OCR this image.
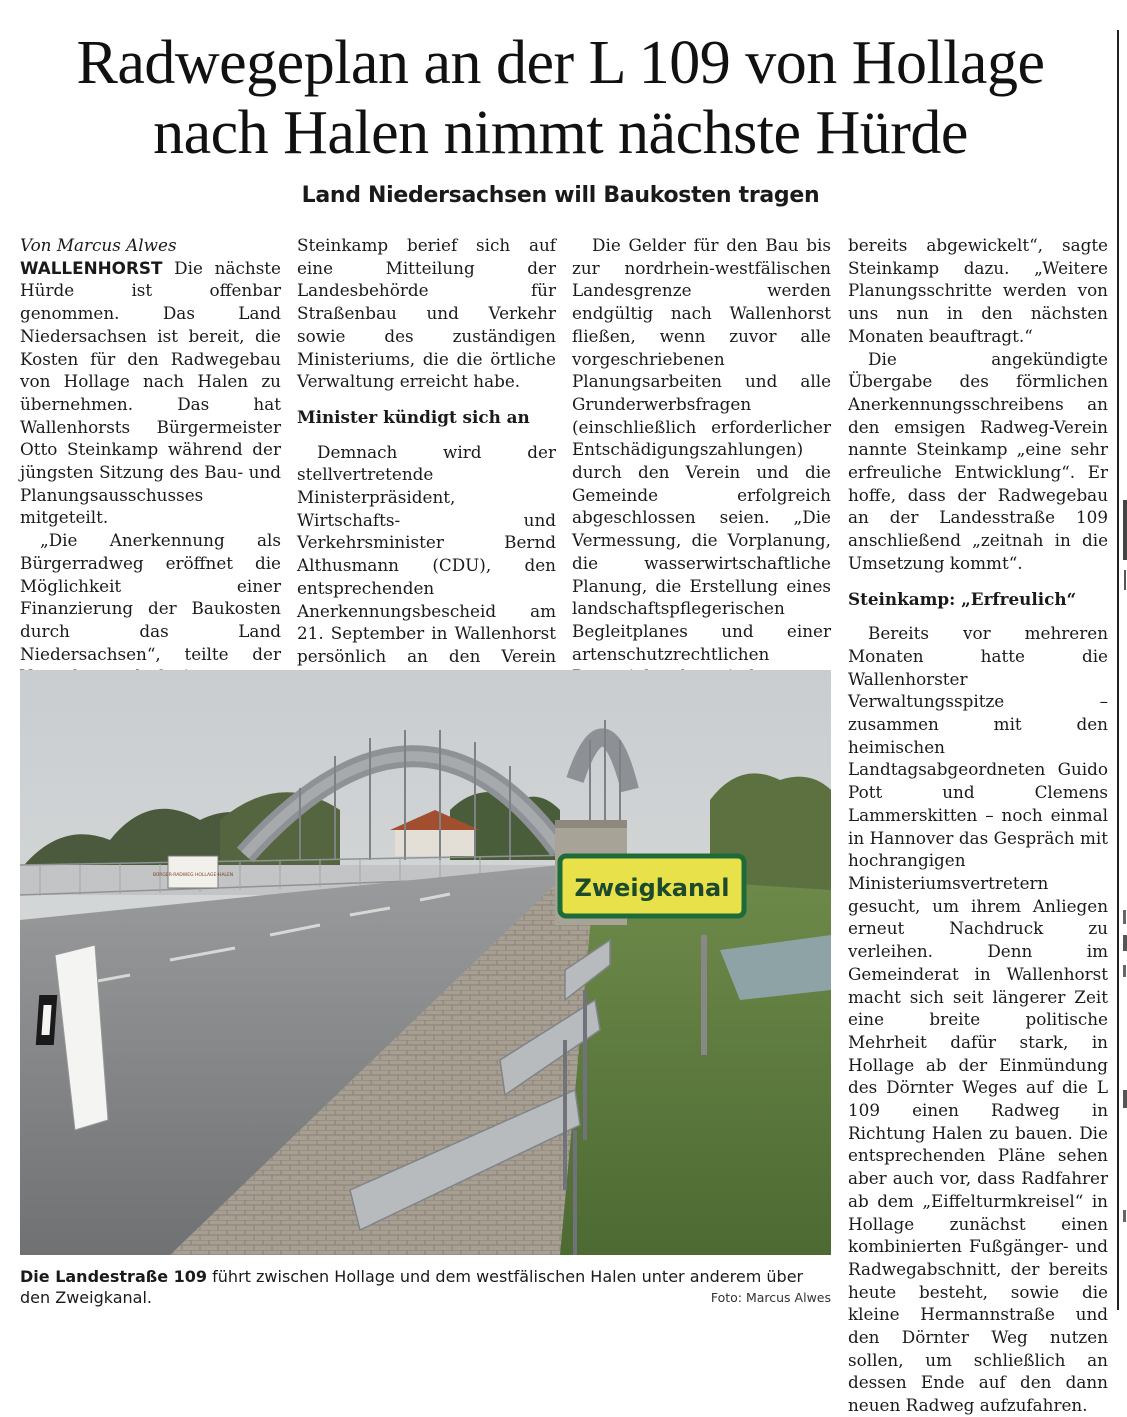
Radwegeplan an der L 109 von Hollage nach Halen nimmt nächste Hürde
Land Niedersachsen will Baukosten tragen

Von Marcus Alwes

WALLENHORST Die nächste Hürde ist offenbar genommen. Das Land Niedersachsen ist bereit, die Kosten für den Radwegebau von Hollage nach Halen zu übernehmen. Das hat Wallenhorsts Bürgermeister Otto Steinkamp während der jüngsten Sitzung des Bau- und Planungsausschusses mitgeteilt.

„Die Anerkennung als Bürgerradweg eröffnet die Möglichkeit einer Finanzierung der Baukosten durch das Land Niedersachsen“, teilte der

Steinkamp berief sich auf eine Mitteilung der Landesbehörde für Straßenbau und Verkehr sowie des zuständigen Ministeriums, die die örtliche Verwaltung erreicht habe.

Minister kündigt sich an

Demnach wird der stellvertretende Ministerpräsident, Wirtschafts- und Verkehrsminister Bernd Althusmann (CDU), den entsprechenden Anerkennungsbescheid am 21. September in Wallenhorst persönlich an den Verein

Die Gelder für den Bau bis zur nordrhein-westfälischen Landesgrenze werden endgültig nach Wallenhorst fließen, wenn zuvor alle vorgeschriebenen Planungsarbeiten und alle Grunderwerbsfragen (einschließlich erforderlicher Entschädigungszahlungen) durch den Verein und die Gemeinde erfolgreich abgeschlossen seien. „Die Vermessung, die Vorplanung, die wasserwirtschaftliche Planung, die Erstellung eines landschaftspflegerischen Begleitplanes und einer artenschutzrechtlichen

bereits abgewickelt“, sagte Steinkamp dazu. „Weitere Planungsschritte werden von uns nun in den nächsten Monaten beauftragt.“

Die angekündigte Übergabe des förmlichen Anerkennungsschreibens an den emsigen Radweg-Verein nannte Steinkamp „eine sehr erfreuliche Entwicklung“. Er hoffe, dass der Radwegebau an der Landesstraße 109 anschließend „zeitnah in die Umsetzung kommt“.

Steinkamp: „Erfreulich“

Bereits vor mehreren Monaten hatte die Wallenhorster Verwaltungsspitze – zusammen mit den heimischen Landtagsabgeordneten Guido Pott und Clemens Lammerskitten – noch einmal in Hannover das Gespräch mit hochrangigen Ministeriumsvertretern gesucht, um ihrem Anliegen erneut Nachdruck zu verleihen. Denn im Gemeinderat in Wallenhorst macht sich seit längerer Zeit eine breite politische Mehrheit dafür stark, in Hollage ab der Einmündung des Dörnter Weges auf die L 109 einen Radweg in Richtung Halen zu bauen. Die entsprechenden Pläne sehen aber auch vor, dass Radfahrer ab dem „Eiffelturmkreisel“ in Hollage zunächst einen kombinierten Fußgänger- und Radwegabschnitt, der bereits heute besteht, sowie die kleine Hermannstraße und den Dörnter Weg nutzen sollen, um schließlich an dessen Ende auf den dann neuen Radweg aufzufahren.

BÜRGER-RADWEG HOLLAGE-HALEN	Zweigkanal

Die Landestraße 109 führt zwischen Hollage und dem westfälischen Halen unter anderem über den Zweigkanal.	Foto: Marcus Alwes
